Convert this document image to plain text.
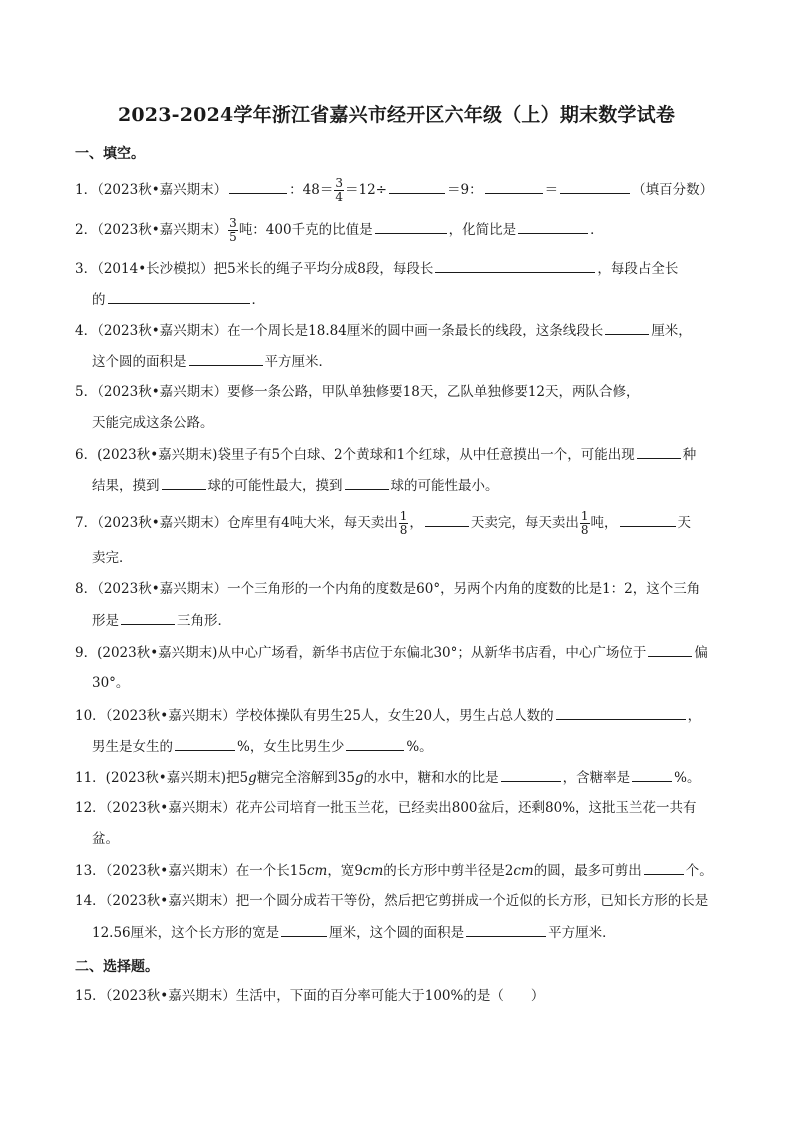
2023-2024学年浙江省嘉兴市经开区六年级（上）期末数学试卷
一、填空。
1．（2023秋•嘉兴期末）	：$48= \frac{3}{4} =12\div$	＝9：	＝	（填百分数）
2．（2023秋•嘉兴期末） $\frac{3}{5}$ 吨：400千克的比值是	，化简比是	．
3．（2014•长沙模拟）把5米长的绳子平均分成8段，每段长	，每段占全长
的	．
4．（2023秋•嘉兴期末）在一个周长是18.84厘米的圆中画一条最长的线段，这条线段长	厘米，
这个圆的面积是	平方厘米．
5．（2023秋•嘉兴期末）要修一条公路，甲队单独修要18天，乙队单独修要12天，两队合修，
天能完成这条公路。
6．(2023秋•嘉兴期末)袋里子有5个白球、2个黄球和1个红球，从中任意摸出一个，可能出现	种
结果，摸到	球的可能性最大，摸到	球的可能性最小。
7．（2023秋•嘉兴期末）仓库里有4吨大米，每天卖出 $\frac{1}{8}$ ，	天卖完，每天卖出 $\frac{1}{8}$ 吨，	天
卖完．
8．（2023秋•嘉兴期末）一个三角形的一个内角的度数是60°，另两个内角的度数的比是1：2，这个三角
形是	三角形．
9．(2023秋•嘉兴期末)从中心广场看，新华书店位于东偏北30°；从新华书店看，中心广场位于	偏
30°。
10．（2023秋•嘉兴期末）学校体操队有男生25人，女生20人，男生占总人数的	，
男生是女生的	%，女生比男生少	%。
11．(2023秋•嘉兴期末)把5g糖完全溶解到35g的水中，糖和水的比是	，含糖率是	%。
12．（2023秋•嘉兴期末）花卉公司培育一批玉兰花，已经卖出800盆后，还剩80%，这批玉兰花一共有
盆。
13．（2023秋•嘉兴期末）在一个长15cm，宽9cm的长方形中剪半径是2cm的圆，最多可剪出	个。
14．（2023秋•嘉兴期末）把一个圆分成若干等份，然后把它剪拼成一个近似的长方形，已知长方形的长是
12.56厘米，这个长方形的宽是	厘米，这个圆的面积是	平方厘米．
二、选择题。
15．（2023秋•嘉兴期末）生活中，下面的百分率可能大于100%的是（　　）
